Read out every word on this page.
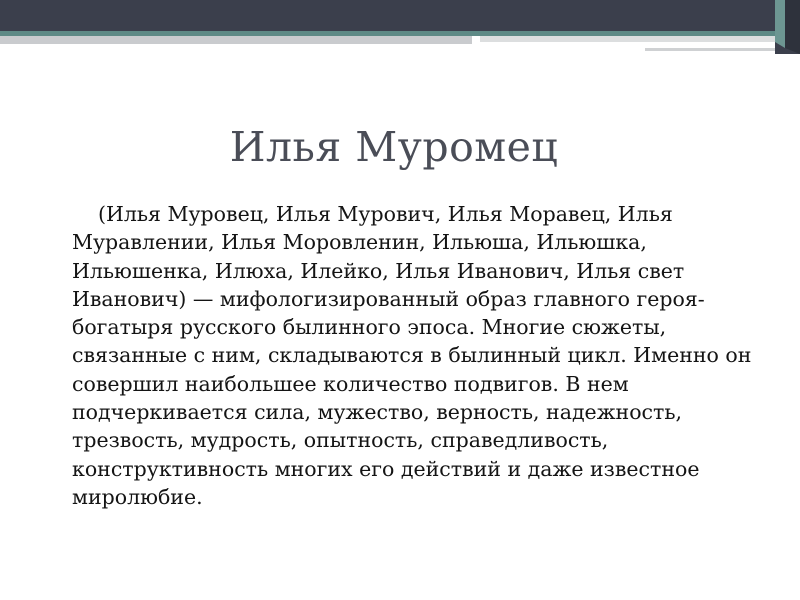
Илья Муромец

(Илья Муровец, Илья Мурович, Илья Моравец, Илья Муравлении, Илья Моровленин, Ильюша, Ильюшка, Ильюшенка, Илюха, Илейко, Илья Иванович, Илья свет Иванович) — мифологизированный образ главного героя-богатыря русского былинного эпоса. Многие сюжеты, связанные с ним, складываются в былинный цикл. Именно он совершил наибольшее количество подвигов. В нем подчеркивается сила, мужество, верность, надежность, трезвость, мудрость, опытность, справедливость, конструктивность многих его действий и даже известное миролюбие.
